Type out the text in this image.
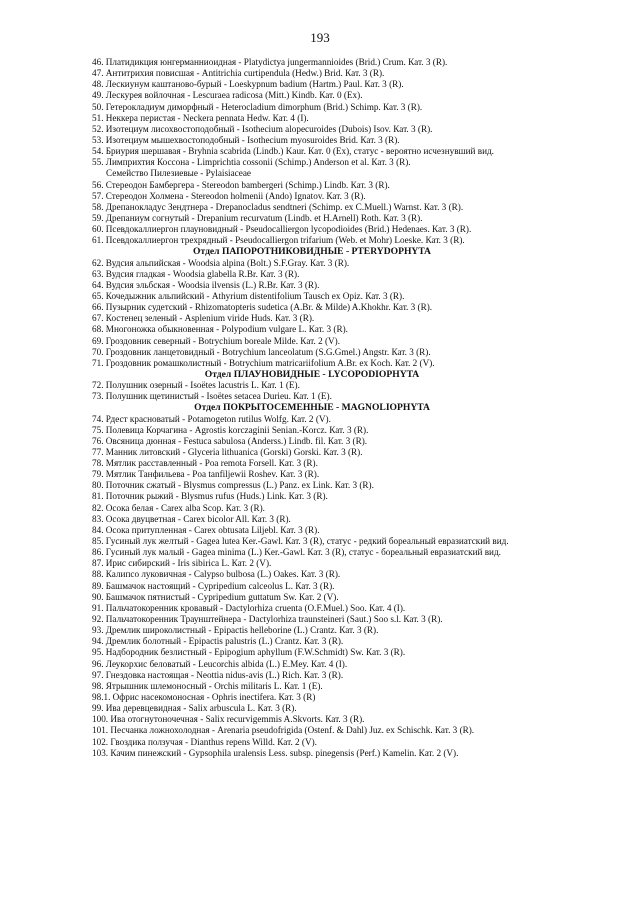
193
46. Платидикция юнгерманниоидная - Platydictya jungermannioides (Brid.) Crum. Кат. 3 (R).
47. Антитрихия повисшая - Antitrichia curtipendula (Hedw.) Brid. Кат. 3 (R).
48. Лескиунум каштаново-бурый - Loeskypnum badium (Hartm.) Paul. Кат. 3 (R).
49. Лескурея войлочная - Lescuraea radicosa (Mitt.) Kindb. Кат. 0 (Ex).
50. Гетерокладиум диморфный - Heterocladium dimorphum (Brid.) Schimp. Кат. 3 (R).
51. Неккера перистая - Neckera pennata Hedw. Кат. 4 (I).
52. Изотециум лисохвостоподобный - Isothecium alopecuroides (Dubois) Isov. Кат. 3 (R).
53. Изотециум мышехвостоподобный - Isothecium myosuroides Brid. Кат. 3 (R).
54. Бриурия шершавая - Bryhnia scabrida (Lindb.) Kaur. Кат. 0 (Ex), статус - вероятно исчезнувший вид.
55. Лимприхтия Коссона - Limprichtia cossonii (Schimp.) Anderson et al. Кат. 3 (R).
Семейство Пилезиевые - Pylaisiaceae
56. Стереодон Бамбергера - Stereodon bambergeri (Schimp.) Lindb. Кат. 3 (R).
57. Стереодон Холмена - Stereodon holmenii (Ando) Ignatov. Кат. 3 (R).
58. Дрепанокладус Зендтнера - Drepanocladus sendtneri (Schimp. ex C.Muell.) Warnst. Кат. 3 (R).
59. Дрепаниум согнутый - Drepanium recurvatum (Lindb. et H.Arnell) Roth. Кат. 3 (R).
60. Псевдокаллиергон плауновидный - Pseudocalliergon lycopodioides (Brid.) Hedenaes. Кат. 3 (R).
61. Псевдокаллиергон трехрядный - Pseudocalliergon trifarium (Web. et Mohr) Loeske. Кат. 3 (R).
Отдел ПАПОРОТНИКОВИДНЫЕ - PTERYDOPHYTA
62. Вудсия альпийская - Woodsia alpina (Bolt.) S.F.Gray. Кат. 3 (R).
63. Вудсия гладкая - Woodsia glabella R.Br. Кат. 3 (R).
64. Вудсия эльбская - Woodsia ilvensis (L.) R.Br. Кат. 3 (R).
65. Кочедыжник альпийский - Athyrium distentifolium Tausch ex Opiz. Кат. 3 (R).
66. Пузырник судетский - Rhizomatopteris sudetica (A.Br. & Milde) A.Khokhr. Кат. 3 (R).
67. Костенец зеленый - Asplenium viride Huds. Кат. 3 (R).
68. Многоножка обыкновенная - Polypodium vulgare L. Кат. 3 (R).
69. Гроздовник северный - Botrychium boreale Milde. Кат. 2 (V).
70. Гроздовник ланцетовидный - Botrychium lanceolatum (S.G.Gmel.) Angstr. Кат. 3 (R).
71. Гроздовник ромашколистный - Botrychium matricariifolium A.Br. ex Koch. Кат. 2 (V).
Отдел ПЛАУНОВИДНЫЕ - LYCOPODIOPHYTA
72. Полушник озерный - Isoëtes lacustris L. Кат. 1 (E).
73. Полушник щетинистый - Isoëtes setacea Durieu. Кат. 1 (E).
Отдел ПОКРЫТОСЕМЕННЫЕ - MAGNOLIOPHYTA
74. Рдест красноватый - Potamogeton rutilus Wolfg. Кат. 2 (V).
75. Полевица Корчагина - Agrostis korczaginii Senian.-Korcz. Кат. 3 (R).
76. Овсяница дюнная - Festuca sabulosa (Anderss.) Lindb. fil. Кат. 3 (R).
77. Манник литовский - Glyceria lithuanica (Gorski) Gorski. Кат. 3 (R).
78. Мятлик расставленный - Poa remota Forsell. Кат. 3 (R).
79. Мятлик Танфильева - Poa tanfiljewii Roshev. Кат. 3 (R).
80. Поточник сжатый - Blysmus compressus (L.) Panz. ex Link. Кат. 3 (R).
81. Поточник рыжий - Blysmus rufus (Huds.) Link. Кат. 3 (R).
82. Осока белая - Carex alba Scop. Кат. 3 (R).
83. Осока двуцветная - Carex bicolor All. Кат. 3 (R).
84. Осока притупленная - Carex obtusata Liljebl. Кат. 3 (R).
85. Гусиный лук желтый - Gagea lutea Ker.-Gawl. Кат. 3 (R), статус - редкий бореальный евразиатский вид.
86. Гусиный лук малый - Gagea minima (L.) Ker.-Gawl. Кат. 3 (R), статус - бореальный евразиатский вид.
87. Ирис сибирский - Iris sibirica L. Кат. 2 (V).
88. Калипсо луковичная - Calypso bulbosa (L.) Oakes. Кат. 3 (R).
89. Башмачок настоящий - Cypripedium calceolus L. Кат. 3 (R).
90. Башмачок пятнистый - Cypripedium guttatum Sw. Кат. 2 (V).
91. Пальчатокоренник кровавый - Dactylorhiza cruenta (O.F.Muel.) Soo. Кат. 4 (I).
92. Пальчатокоренник Траунштейнера - Dactylorhiza traunsteineri (Saut.) Soo s.l. Кат. 3 (R).
93. Дремлик широколистный - Epipactis helleborine (L.) Crantz. Кат. 3 (R).
94. Дремлик болотный - Epipactis palustris (L.) Crantz. Кат. 3 (R).
95. Надбородник безлистный - Epipogium aphyllum (F.W.Schmidt) Sw. Кат. 3 (R).
96. Леукорхис беловатый - Leucorchis albida (L.) E.Mey. Кат. 4 (I).
97. Гнездовка настоящая - Neottia nidus-avis (L.) Rich. Кат. 3 (R).
98. Ятрышник шлемоносный - Orchis militaris L. Кат. 1 (E).
98.1. Офрис насекомоносная - Ophris inectifera. Кат. 3 (R)
99. Ива деревцевидная - Salix arbuscula L. Кат. 3 (R).
100. Ива отогнутоночечная - Salix recurvigemmis A.Skvorts. Кат. 3 (R).
101. Песчанка ложнохолодная - Arenaria pseudofrigida (Ostenf. & Dahl) Juz. ex Schischk. Кат. 3 (R).
102. Гвоздика ползучая - Dianthus repens Willd. Кат. 2 (V).
103. Качим пинежский - Gypsophila uralensis Less. subsp. pinegensis (Perf.) Kamelin. Кат. 2 (V).
